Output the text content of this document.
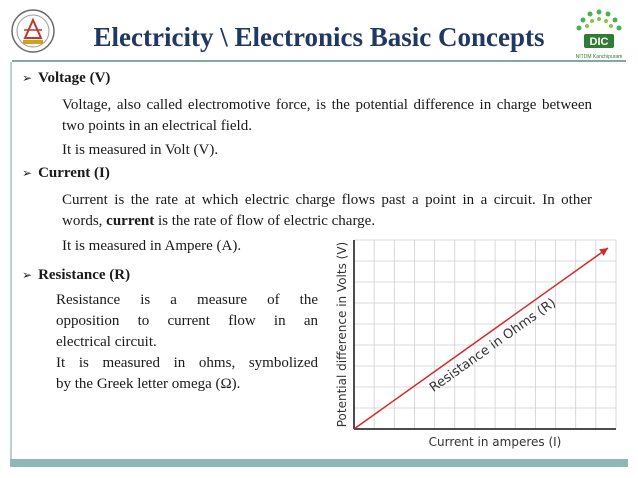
Electricity \ Electronics Basic Concepts	DIC
NITDM Kanchipuram
➢ Voltage (V)
Voltage, also called electromotive force, is the potential difference in charge between two points in an electrical field.
It is measured in Volt (V).
➢ Current (I)
Current is the rate at which electric charge flows past a point in a circuit. In other words, current is the rate of flow of electric charge.
It is measured in Ampere (A).
➢ Resistance (R)
Resistance is a measure of the
opposition to current flow in an
electrical circuit.
It is measured in ohms, symbolized
by the Greek letter omega (Ω).	Resistance in Ohms (R)
Current in amperes (I)
Potential difference in Volts (V)
